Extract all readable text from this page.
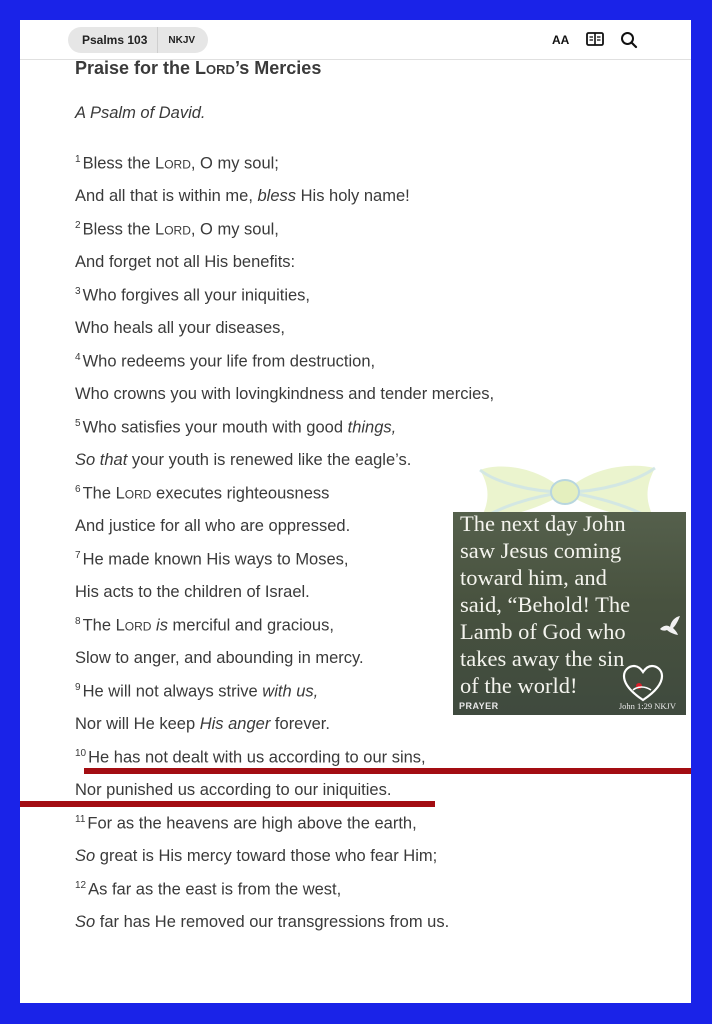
Psalms 103	NKJV	AA
Praise for the Lord’s Mercies
A Psalm of David.
$^1$ Bless the Lord, O my soul;
And all that is within me, bless His holy name!
$^2$ Bless the Lord, O my soul,
And forget not all His benefits:
$^3$ Who forgives all your iniquities,
Who heals all your diseases,
$^4$ Who redeems your life from destruction,
Who crowns you with lovingkindness and tender mercies,
$^5$ Who satisfies your mouth with good things,
So that your youth is renewed like the eagle’s.
$^6$ The Lord executes righteousness
And justice for all who are oppressed.
$^7$ He made known His ways to Moses,
His acts to the children of Israel.
$^8$ The Lord is merciful and gracious,
Slow to anger, and abounding in mercy.
$^9$ He will not always strive with us,
Nor will He keep His anger forever.
$^{10}$ He has not dealt with us according to our sins,
Nor punished us according to our iniquities.
$^{11}$ For as the heavens are high above the earth,
So great is His mercy toward those who fear Him;
$^{12}$ As far as the east is from the west,
So far has He removed our transgressions from us.
The next day John
saw Jesus coming
toward him, and
said, “Behold! The
Lamb of God who
takes away the sin
of the world!
PRAYER	John 1:29 NKJV
